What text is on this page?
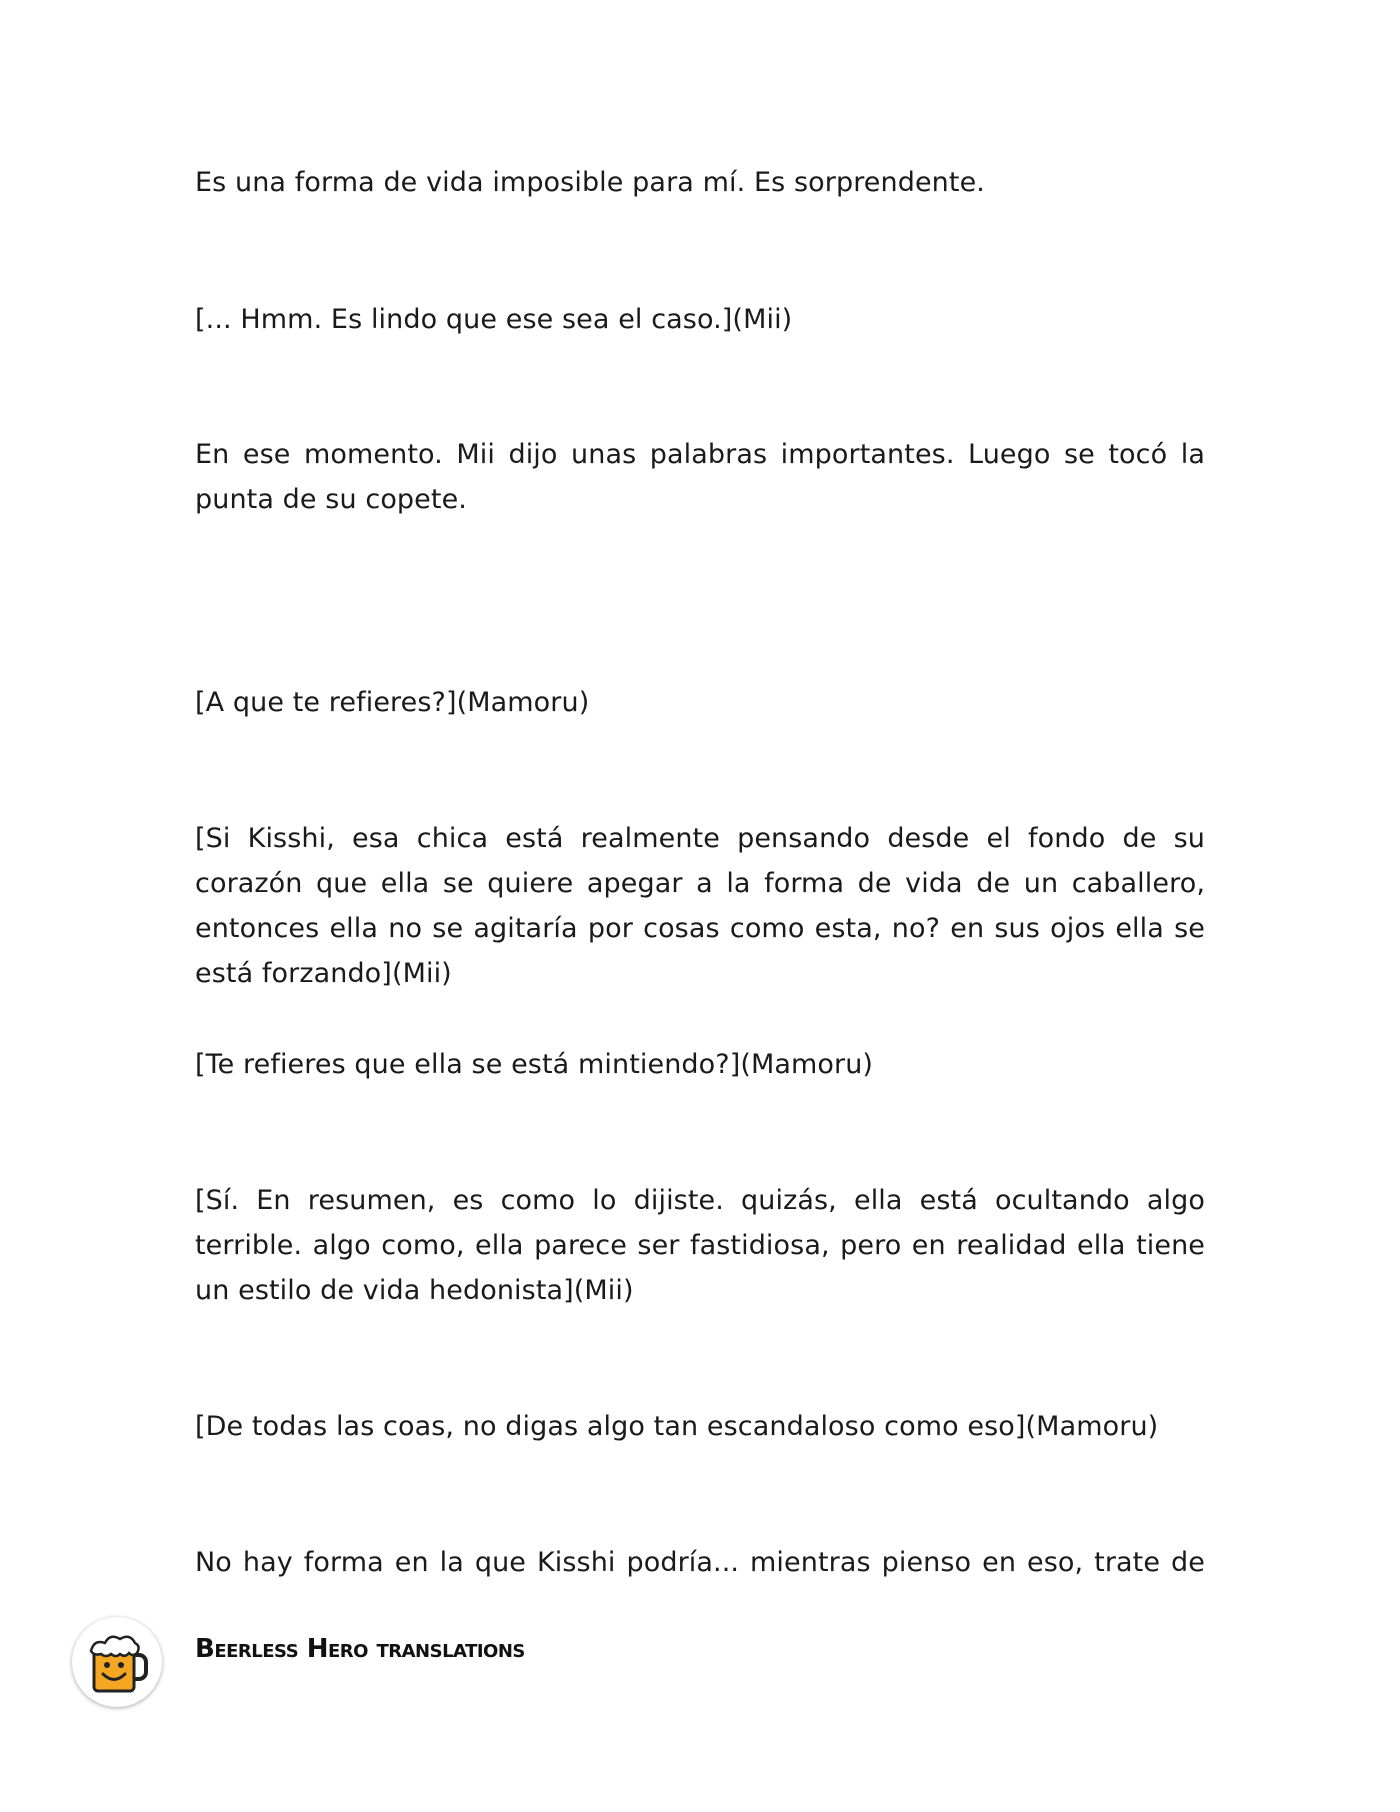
Es una forma de vida imposible para mí. Es sorprendente.

[... Hmm. Es lindo que ese sea el caso.](Mii)

En ese momento. Mii dijo unas palabras importantes. Luego se tocó la punta de su copete.

[A que te refieres?](Mamoru)

[Si Kisshi, esa chica está realmente pensando desde el fondo de su corazón que ella se quiere apegar a la forma de vida de un caballero, entonces ella no se agitaría por cosas como esta, no? en sus ojos ella se está forzando](Mii)

[Te refieres que ella se está mintiendo?](Mamoru)

[Sí. En resumen, es como lo dijiste. quizás, ella está ocultando algo terrible. algo como, ella parece ser fastidiosa, pero en realidad ella tiene un estilo de vida hedonista](Mii)

[De todas las coas, no digas algo tan escandaloso como eso](Mamoru)

No hay forma en la que Kisshi podría... mientras pienso en eso, trate de

Beerless Hero translations
